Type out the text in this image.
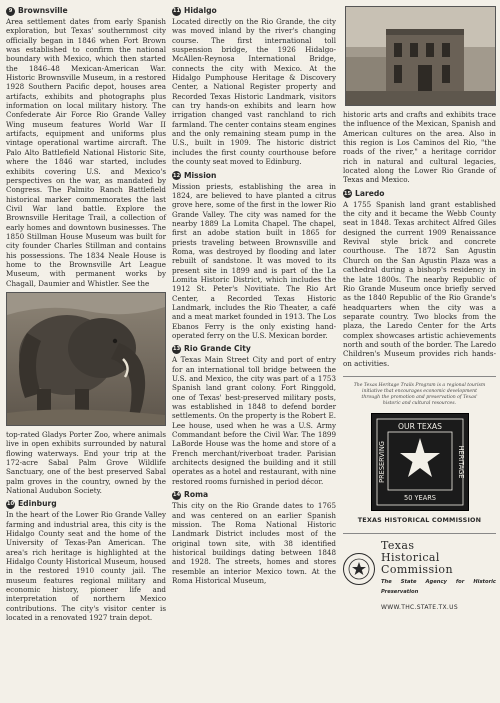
9 Brownsville

Area settlement dates from early Spanish exploration, but Texas' southernmost city officially began in 1846 when Fort Brown was established to confirm the national boundary with Mexico, which then started the 1846–48 Mexican-American War. Historic Brownsville Museum, in a restored 1928 Southern Pacific depot, houses area artifacts, exhibits and photographs plus information on local military history. The Confederate Air Force Rio Grande Valley Wing museum features World War II artifacts, equipment and uniforms plus vintage operational wartime aircraft. The Palo Alto Battlefield National Historic Site, where the 1846 war started, includes exhibits covering U.S. and Mexico's perspectives on the war, as mandated by Congress. The Palmito Ranch Battlefield historical marker commemorates the last Civil War land battle. Explore the Brownsville Heritage Trail, a collection of early homes and downtown businesses. The 1850 Stillman House Museum was built for city founder Charles Stillman and contains his possessions. The 1834 Neale House is home to the Brownsville Art League Museum, with permanent works by Chagall, Daumier and Whistler. See the

top-rated Gladys Porter Zoo, where animals live in open exhibits surrounded by natural flowing waterways. End your trip at the 172-acre Sabal Palm Grove Wildlife Sanctuary, one of the best preserved Sabal palm groves in the country, owned by the National Audubon Society.

10 Edinburg

In the heart of the Lower Rio Grande Valley farming and industrial area, this city is the Hidalgo County seat and the home of the University of Texas-Pan American. The area's rich heritage is highlighted at the Hidalgo County Historical Museum, housed in the restored 1910 county jail. The museum features regional military and economic history, pioneer life and interpretation of northern Mexico contributions. The city's visitor center is located in a renovated 1927 train depot.

11 Hidalgo

Located directly on the Rio Grande, the city was moved inland by the river's changing course. The first international toll suspension bridge, the 1926 Hidalgo-McAllen-Reynosa International Bridge, connects the city with Mexico. At the Hidalgo Pumphouse Heritage & Discovery Center, a National Register property and Recorded Texas Historic Landmark, visitors can try hands-on exhibits and learn how irrigation changed vast ranchland to rich farmland. The center contains steam engines and the only remaining steam pump in the U.S., built in 1909. The historic district includes the first county courthouse before the county seat moved to Edinburg.

12 Mission

Mission priests, establishing the area in 1824, are believed to have planted a citrus grove here, some of the first in the lower Rio Grande Valley. The city was named for the nearby 1889 La Lomita Chapel. The chapel, first an adobe station built in 1865 for priests traveling between Brownsville and Roma, was destroyed by flooding and later rebuilt of sandstone. It was moved to its present site in 1899 and is part of the La Lomita Historic District, which includes the 1912 St. Peter's Novitiate. The Rio Art Center, a Recorded Texas Historic Landmark, includes the Rio Theater, a café and a meat market founded in 1913. The Los Ebanos Ferry is the only existing hand-operated ferry on the U.S. Mexican border.

13 Rio Grande City

A Texas Main Street City and port of entry for an international toll bridge between the U.S. and Mexico, the city was part of a 1753 Spanish land grant colony. Fort Ringgold, one of Texas' best-preserved military posts, was established in 1848 to defend border settlements. On the property is the Robert E. Lee house, used when he was a U.S. Army Commandant before the Civil War. The 1899 LaBorde House was the home and store of a French merchant/riverboat trader. Parisian architects designed the building and it still operates as a hotel and restaurant, with nine restored rooms furnished in period décor.

14 Roma

This city on the Rio Grande dates to 1765 and was centered on an earlier Spanish mission. The Roma National Historic Landmark District includes most of the original town site, with 38 identified historical buildings dating between 1848 and 1928. The streets, homes and stores resemble an interior Mexico town. At the Roma Historical Museum,

historic arts and crafts and exhibits trace the influence of the Mexican, Spanish and American cultures on the area. Also in this region is Los Caminos del Rio, "the roads of the river," a heritage corridor rich in natural and cultural legacies, located along the Lower Rio Grande of Texas and Mexico.

15 Laredo

A 1755 Spanish land grant established the city and it became the Webb County seat in 1848. Texas architect Alfred Giles designed the current 1909 Renaissance Revival style brick and concrete courthouse. The 1872 San Agustin Church on the San Agustin Plaza was a cathedral during a bishop's residency in the late 1800s. The nearby Republic of Rio Grande Museum once briefly served as the 1840 Republic of the Rio Grande's headquarters when the city was a separate country. Two blocks from the plaza, the Laredo Center for the Arts complex showcases artistic achievements north and south of the border. The Laredo Children's Museum provides rich hands-on activities.

The Texas Heritage Trails Program is a regional tourism initiative that encourages economic development through the promotion and preservation of Texas' historic and cultural resources.
OUR TEXAS
50 YEARS
PRESERVING	HERITAGE
TEXAS HISTORICAL COMMISSION
Texas
Historical
Commission
The State Agency for Historic Preservation
WWW.THC.STATE.TX.US
